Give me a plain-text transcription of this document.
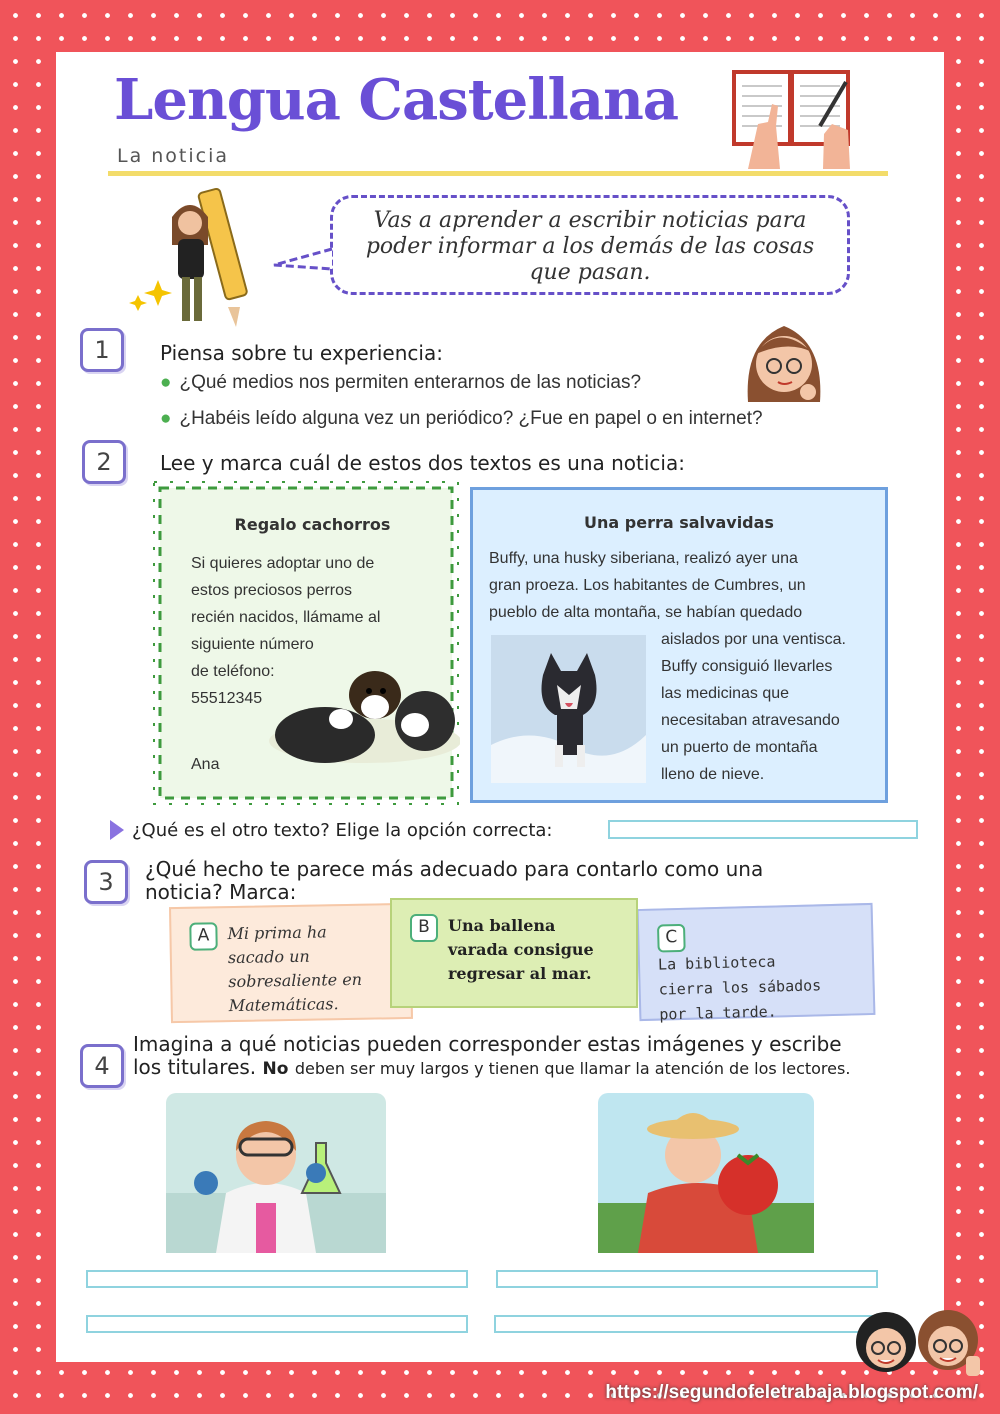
Lengua Castellana
La noticia
Vas a aprender a escribir noticias para poder informar a los demás de las cosas que pasan.
1	Piensa sobre tu experiencia:
● ¿Qué medios nos permiten enterarnos de las noticias?
● ¿Habéis leído alguna vez un periódico? ¿Fue en papel o en internet?
2	Lee y marca cuál de estos dos textos es una noticia:
Regalo cachorros
Si quieres adoptar uno de
estos preciosos perros
recién nacidos, llámame al
siguiente número
de teléfono:
55512345
Ana
Una perra salvavidas
Buffy, una husky siberiana, realizó ayer una
gran proeza. Los habitantes de Cumbres, un
pueblo de alta montaña, se habían quedado
aislados por una ventisca.
Buffy consiguió llevarles
las medicinas que
necesitaban atravesando
un puerto de montaña
lleno de nieve.
¿Qué es el otro texto? Elige la opción correcta:
3	¿Qué hecho te parece más adecuado para contarlo como una
noticia? Marca:
A Mi prima ha sacado un sobresaliente en Matemáticas.
B Una ballena varada consigue regresar al mar.
CLa biblioteca cierra los sábados por la tarde.
4
Imagina a qué noticias pueden corresponder estas imágenes y escribe
los titulares. No deben ser muy largos y tienen que llamar la atención de los lectores.
https://segundofeletrabaja.blogspot.com/
